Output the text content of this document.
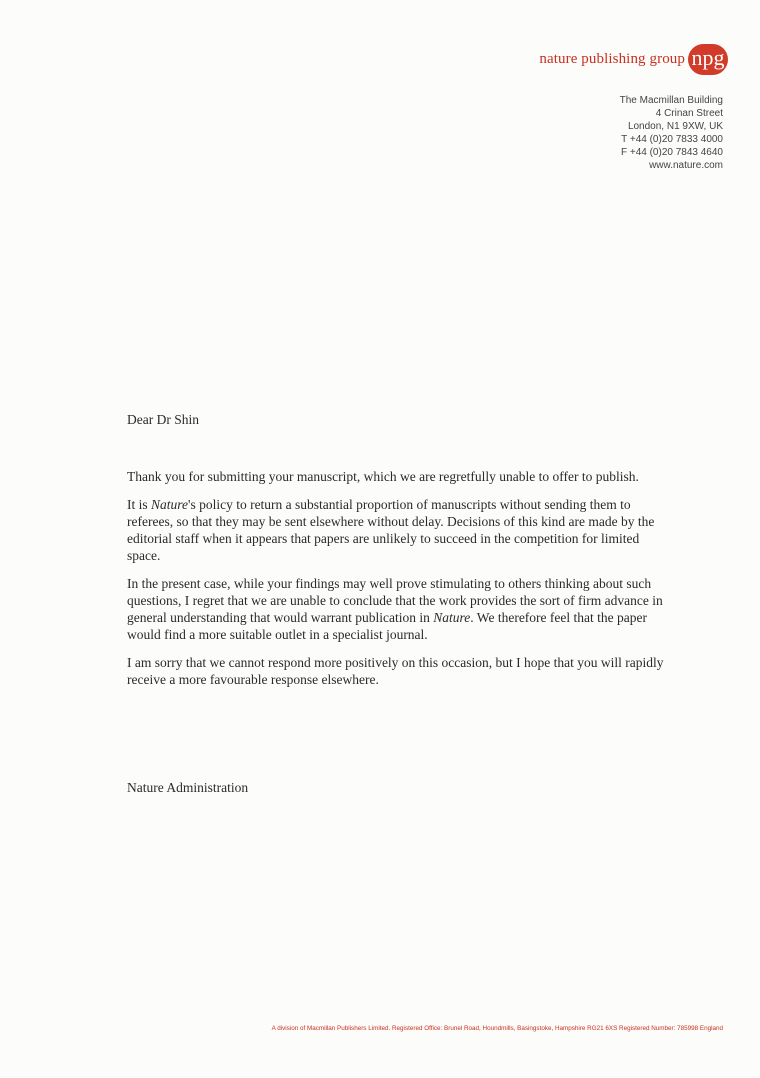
nature publishing group npg
The Macmillan Building
4 Crinan Street
London, N1 9XW, UK
T +44 (0)20 7833 4000
F +44 (0)20 7843 4640
www.nature.com
Dear Dr Shin

Thank you for submitting your manuscript, which we are regretfully unable to offer to publish.

It is Nature's policy to return a substantial proportion of manuscripts without sending them to referees, so that they may be sent elsewhere without delay. Decisions of this kind are made by the editorial staff when it appears that papers are unlikely to succeed in the competition for limited space.

In the present case, while your findings may well prove stimulating to others thinking about such questions, I regret that we are unable to conclude that the work provides the sort of firm advance in general understanding that would warrant publication in Nature. We therefore feel that the paper would find a more suitable outlet in a specialist journal.

I am sorry that we cannot respond more positively on this occasion, but I hope that you will rapidly receive a more favourable response elsewhere.

Nature Administration
A division of Macmillan Publishers Limited. Registered Office: Brunel Road, Houndmills, Basingstoke, Hampshire RG21 6XS Registered Number: 785998 England
